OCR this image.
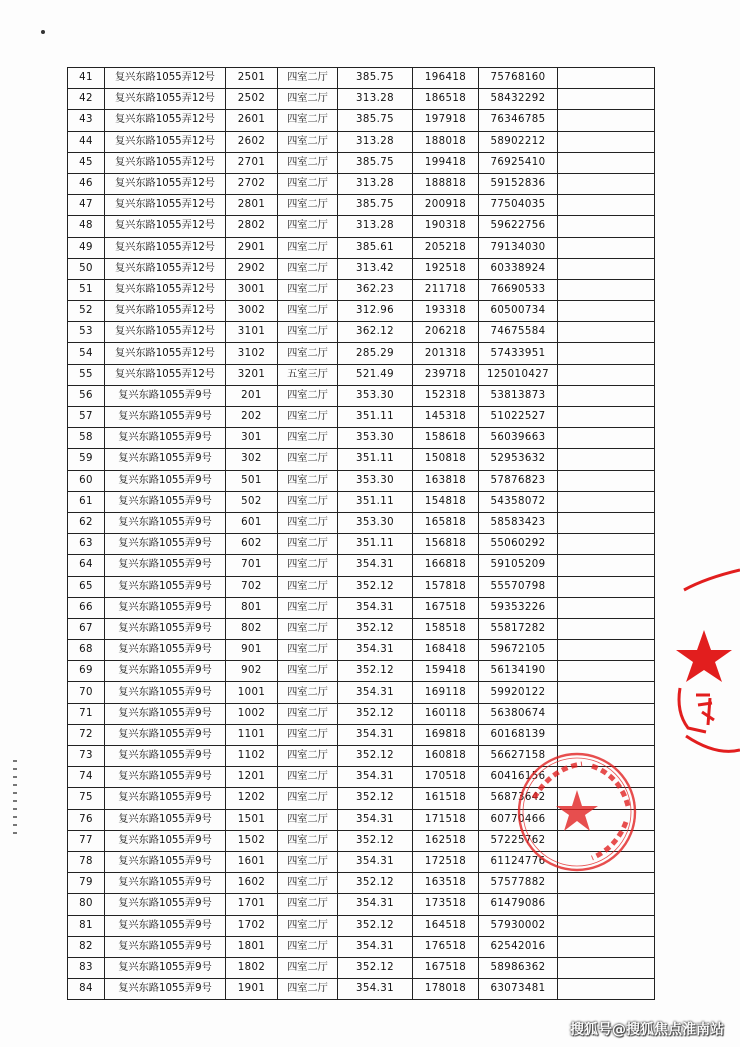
41	复兴东路1055弄12号	2501	四室二厅	385.75	196418	75768160	
42	复兴东路1055弄12号	2502	四室二厅	313.28	186518	58432292	
43	复兴东路1055弄12号	2601	四室二厅	385.75	197918	76346785	
44	复兴东路1055弄12号	2602	四室二厅	313.28	188018	58902212	
45	复兴东路1055弄12号	2701	四室二厅	385.75	199418	76925410	
46	复兴东路1055弄12号	2702	四室二厅	313.28	188818	59152836	
47	复兴东路1055弄12号	2801	四室二厅	385.75	200918	77504035	
48	复兴东路1055弄12号	2802	四室二厅	313.28	190318	59622756	
49	复兴东路1055弄12号	2901	四室二厅	385.61	205218	79134030	
50	复兴东路1055弄12号	2902	四室二厅	313.42	192518	60338924	
51	复兴东路1055弄12号	3001	四室二厅	362.23	211718	76690533	
52	复兴东路1055弄12号	3002	四室二厅	312.96	193318	60500734	
53	复兴东路1055弄12号	3101	四室二厅	362.12	206218	74675584	
54	复兴东路1055弄12号	3102	四室二厅	285.29	201318	57433951	
55	复兴东路1055弄12号	3201	五室三厅	521.49	239718	125010427	
56	复兴东路1055弄9号	201	四室二厅	353.30	152318	53813873	
57	复兴东路1055弄9号	202	四室二厅	351.11	145318	51022527	
58	复兴东路1055弄9号	301	四室二厅	353.30	158618	56039663	
59	复兴东路1055弄9号	302	四室二厅	351.11	150818	52953632	
60	复兴东路1055弄9号	501	四室二厅	353.30	163818	57876823	
61	复兴东路1055弄9号	502	四室二厅	351.11	154818	54358072	
62	复兴东路1055弄9号	601	四室二厅	353.30	165818	58583423	
63	复兴东路1055弄9号	602	四室二厅	351.11	156818	55060292	
64	复兴东路1055弄9号	701	四室二厅	354.31	166818	59105209	
65	复兴东路1055弄9号	702	四室二厅	352.12	157818	55570798	
66	复兴东路1055弄9号	801	四室二厅	354.31	167518	59353226	
67	复兴东路1055弄9号	802	四室二厅	352.12	158518	55817282	
68	复兴东路1055弄9号	901	四室二厅	354.31	168418	59672105	
69	复兴东路1055弄9号	902	四室二厅	352.12	159418	56134190	
70	复兴东路1055弄9号	1001	四室二厅	354.31	169118	59920122	
71	复兴东路1055弄9号	1002	四室二厅	352.12	160118	56380674	
72	复兴东路1055弄9号	1101	四室二厅	354.31	169818	60168139	
73	复兴东路1055弄9号	1102	四室二厅	352.12	160818	56627158	
74	复兴东路1055弄9号	1201	四室二厅	354.31	170518	60416156	
75	复兴东路1055弄9号	1202	四室二厅	352.12	161518	56873642	
76	复兴东路1055弄9号	1501	四室二厅	354.31	171518	60770466	
77	复兴东路1055弄9号	1502	四室二厅	352.12	162518	57225762	
78	复兴东路1055弄9号	1601	四室二厅	354.31	172518	61124776	
79	复兴东路1055弄9号	1602	四室二厅	352.12	163518	57577882	
80	复兴东路1055弄9号	1701	四室二厅	354.31	173518	61479086	
81	复兴东路1055弄9号	1702	四室二厅	352.12	164518	57930002	
82	复兴东路1055弄9号	1801	四室二厅	354.31	176518	62542016	
83	复兴东路1055弄9号	1802	四室二厅	352.12	167518	58986362	
84	复兴东路1055弄9号	1901	四室二厅	354.31	178018	63073481	
搜狐号@搜狐焦点淮南站
